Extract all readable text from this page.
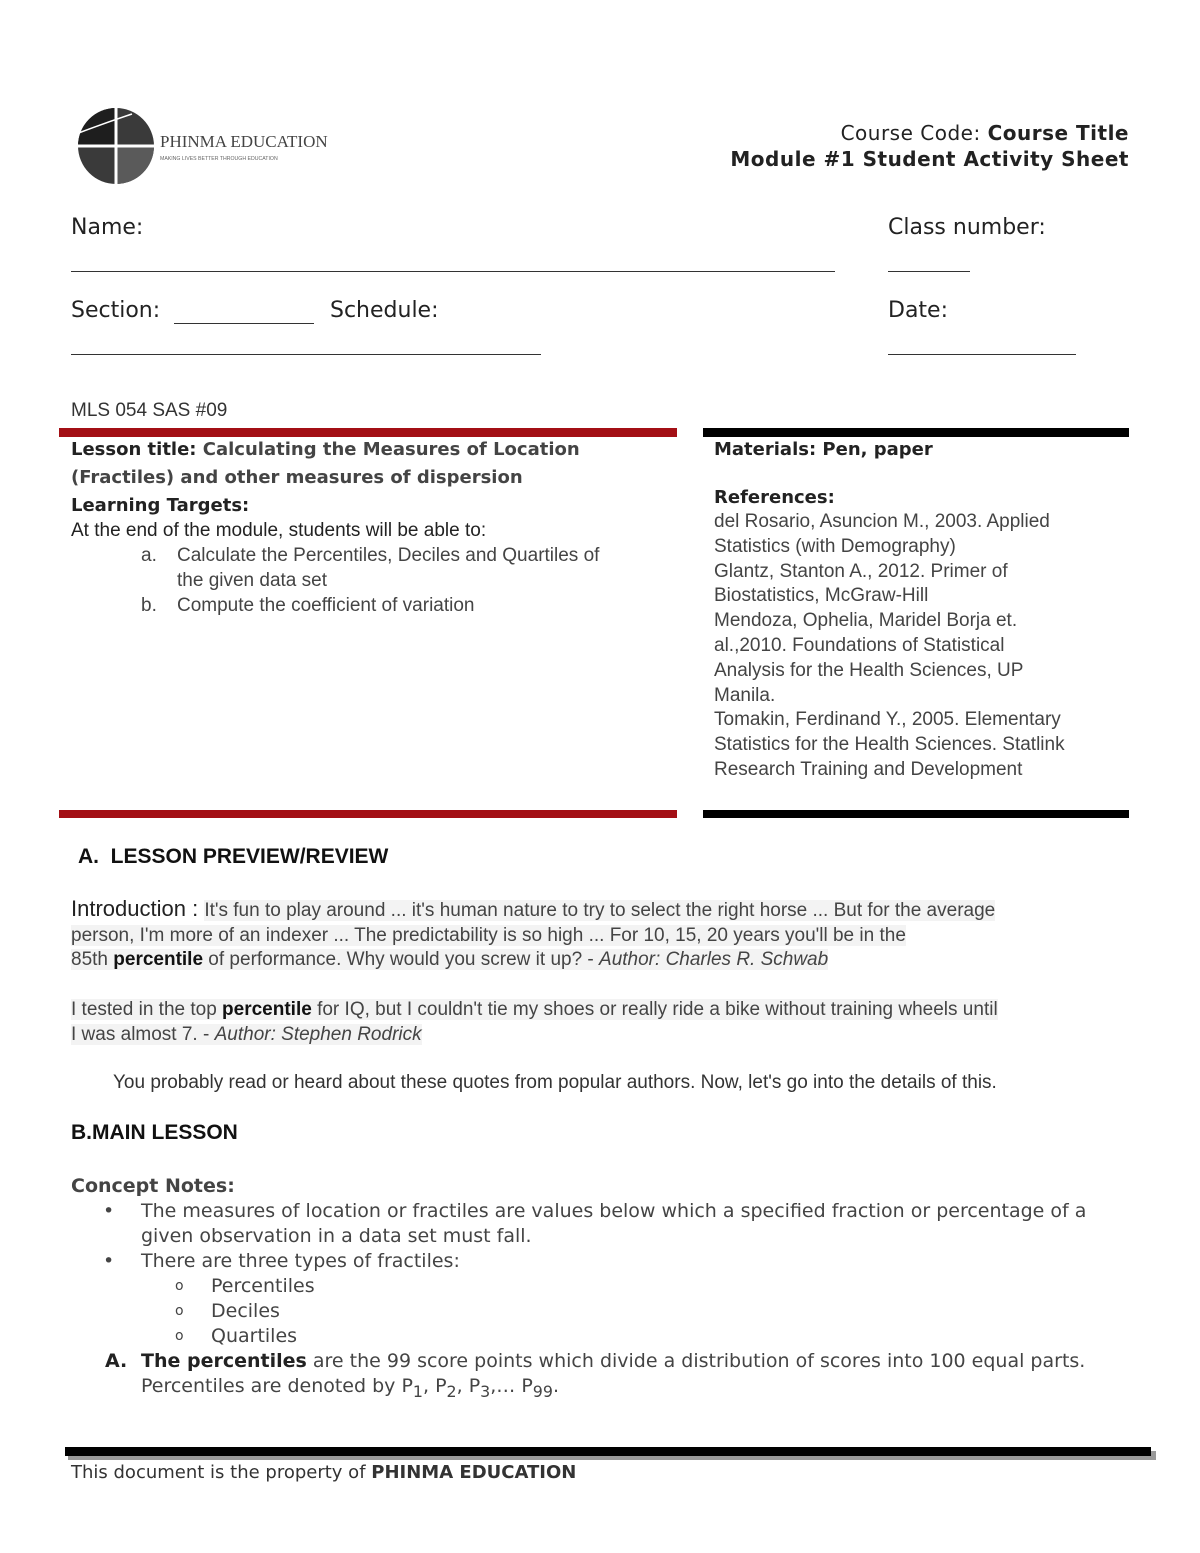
PHINMA EDUCATION
MAKING LIVES BETTER THROUGH EDUCATION
Course Code: Course Title
Module #1 Student Activity Sheet
Name:	Class number:
Section:	Schedule:	Date:
MLS 054 SAS #09
Lesson title: Calculating the Measures of Location
(Fractiles) and other measures of dispersion
Learning Targets:
At the end of the module, students will be able to:
a. Calculate the Percentiles, Deciles and Quartiles of
the given data set
b. Compute the coefficient of variation
Materials: Pen, paper
References:
del Rosario, Asuncion M., 2003. Applied
Statistics (with Demography)
Glantz, Stanton A., 2012. Primer of
Biostatistics, McGraw-Hill
Mendoza, Ophelia, Maridel Borja et.
al.,2010. Foundations of Statistical
Analysis for the Health Sciences, UP
Manila.
Tomakin, Ferdinand Y., 2005. Elementary
Statistics for the Health Sciences. Statlink
Research Training and Development
A. LESSON PREVIEW/REVIEW
Introduction : It's fun to play around ... it's human nature to try to select the right horse ... But for the average
person, I'm more of an indexer ... The predictability is so high ... For 10, 15, 20 years you'll be in the
85th percentile of performance. Why would you screw it up? - Author: Charles R. Schwab
I tested in the top percentile for IQ, but I couldn't tie my shoes or really ride a bike without training wheels until
I was almost 7. - Author: Stephen Rodrick
You probably read or heard about these quotes from popular authors. Now, let's go into the details of this.
B.MAIN LESSON
Concept Notes:
• The measures of location or fractiles are values below which a specified fraction or percentage of a
given observation in a data set must fall.
• There are three types of fractiles:
o Percentiles
o Deciles
o Quartiles
A. The percentiles are the 99 score points which divide a distribution of scores into 100 equal parts.
Percentiles are denoted by $P_1$, $P_2$, $P_3,\dots$ $P_{99}$.
This document is the property of PHINMA EDUCATION
